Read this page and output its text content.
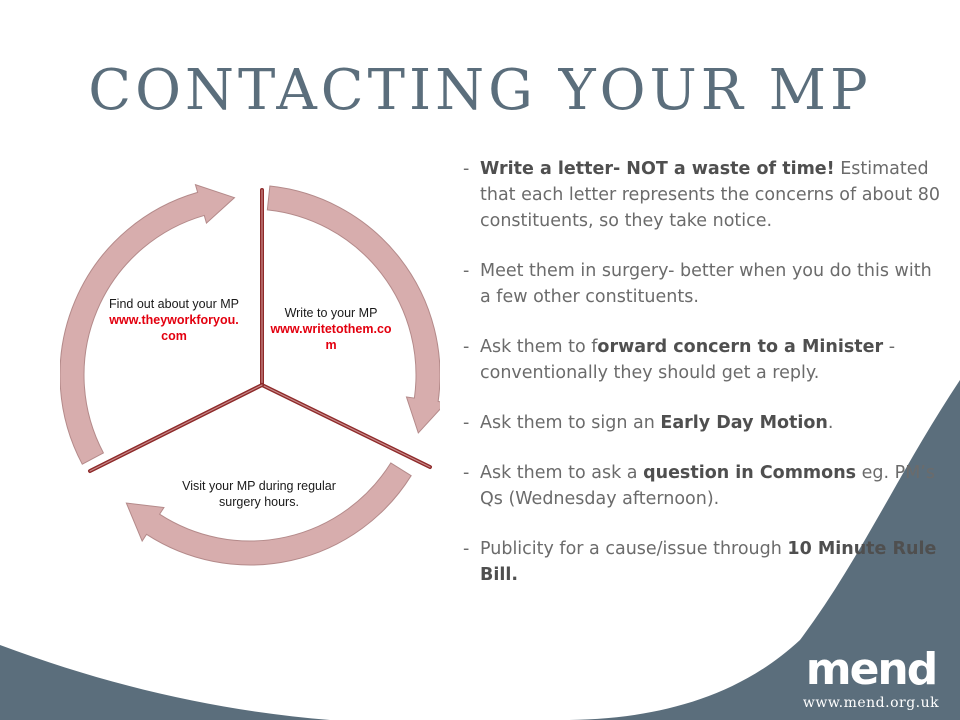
CONTACTING YOUR MP
Find out about your MP
www.theyworkforyou.com
Write to your MP
www.writetothem.com
Visit your MP during regular surgery hours.
- Write a letter- NOT a waste of time! Estimated that each letter represents the concerns of about 80 constituents, so they take notice.
- Meet them in surgery- better when you do this with a few other constituents.
- Ask them to forward concern to a Minister - conventionally they should get a reply.
- Ask them to sign an Early Day Motion.
- Ask them to ask a question in Commons eg. PM’s Qs (Wednesday afternoon).
- Publicity for a cause/issue through 10 Minute Rule Bill.
mend
www.mend.org.uk
